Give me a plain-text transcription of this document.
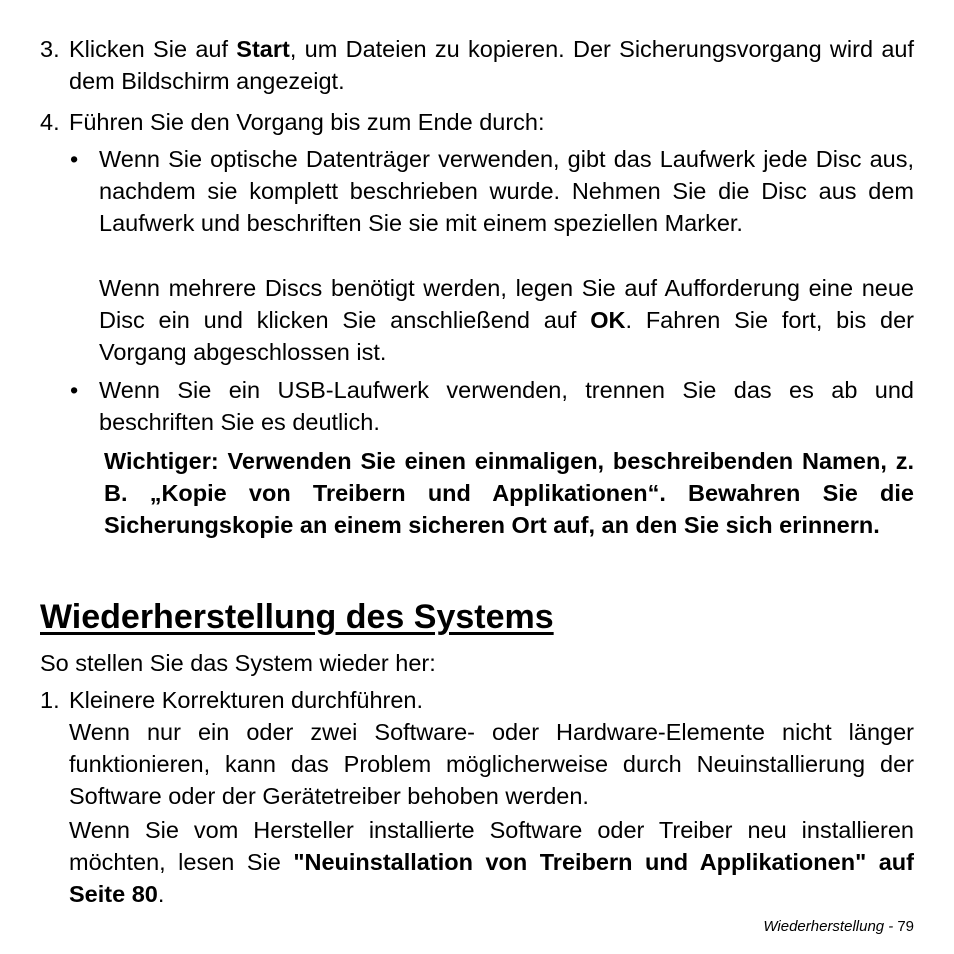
3. Klicken Sie auf Start, um Dateien zu kopieren. Der Sicherungsvorgang wird auf dem Bildschirm angezeigt.

4. Führen Sie den Vorgang bis zum Ende durch:

• Wenn Sie optische Datenträger verwenden, gibt das Laufwerk jede Disc aus, nachdem sie komplett beschrieben wurde. Nehmen Sie die Disc aus dem Laufwerk und beschriften Sie sie mit einem speziellen Marker.

Wenn mehrere Discs benötigt werden, legen Sie auf Aufforderung eine neue Disc ein und klicken Sie anschließend auf OK. Fahren Sie fort, bis der Vorgang abgeschlossen ist.

• Wenn Sie ein USB-Laufwerk verwenden, trennen Sie das es ab und beschriften Sie es deutlich.

Wichtiger: Verwenden Sie einen einmaligen, beschreibenden Namen, z. B. „Kopie von Treibern und Applikationen“. Bewahren Sie die Sicherungskopie an einem sicheren Ort auf, an den Sie sich erinnern.

Wiederherstellung des Systems

So stellen Sie das System wieder her:

1. Kleinere Korrekturen durchführen.

Wenn nur ein oder zwei Software- oder Hardware-Elemente nicht länger funktionieren, kann das Problem möglicherweise durch Neuinstallierung der Software oder der Gerätetreiber behoben werden.

Wenn Sie vom Hersteller installierte Software oder Treiber neu installieren möchten, lesen Sie "Neuinstallation von Treibern und Applikationen" auf Seite 80.

Wiederherstellung - 79
